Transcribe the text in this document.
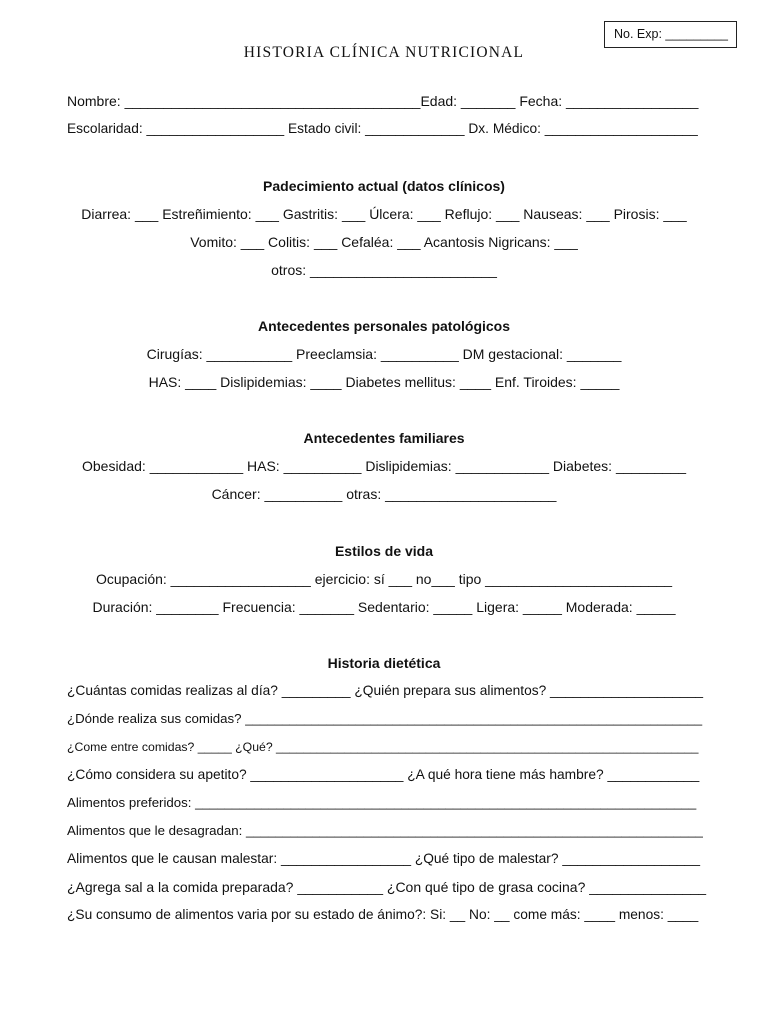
No. Exp: _________
HISTORIA CLÍNICA NUTRICIONAL
Nombre: ______________________________________Edad: _______ Fecha: _________________
Escolaridad: __________________ Estado civil: _____________ Dx. Médico: ____________________
Padecimiento actual (datos clínicos)
Diarrea: ___ Estreñimiento: ___ Gastritis: ___ Úlcera: ___ Reflujo: ___ Nauseas: ___ Pirosis: ___
Vomito: ___ Colitis: ___ Cefaléa: ___ Acantosis Nigricans: ___
otros: ________________________
Antecedentes personales patológicos
Cirugías: ___________ Preeclamsia: __________ DM gestacional: _______
HAS: ____ Dislipidemias: ____ Diabetes mellitus: ____ Enf. Tiroides: _____
Antecedentes familiares
Obesidad: ____________ HAS: __________ Dislipidemias: ____________ Diabetes: _________
Cáncer: __________ otras: ______________________
Estilos de vida
Ocupación: __________________ ejercicio: sí ___ no___ tipo ________________________
Duración: ________ Frecuencia: _______ Sedentario: _____ Ligera: _____ Moderada: _____
Historia dietética
¿Cuántas comidas realizas al día? _________ ¿Quién prepara sus alimentos? ____________________
¿Dónde realiza sus comidas? ______________________________________________________________
¿Come entre comidas? _____ ¿Qué? ______________________________________________________________
¿Cómo considera su apetito? ____________________ ¿A qué hora tiene más hambre? ____________
Alimentos preferidos: ____________________________________________________________________
Alimentos que le desagradan: ______________________________________________________________
Alimentos que le causan malestar: _________________ ¿Qué tipo de malestar? __________________
¿Agrega sal a la comida preparada? ___________ ¿Con qué tipo de grasa cocina? _______________
¿Su consumo de alimentos varia por su estado de ánimo?: Si: __ No: __ come más: ____ menos: ____
